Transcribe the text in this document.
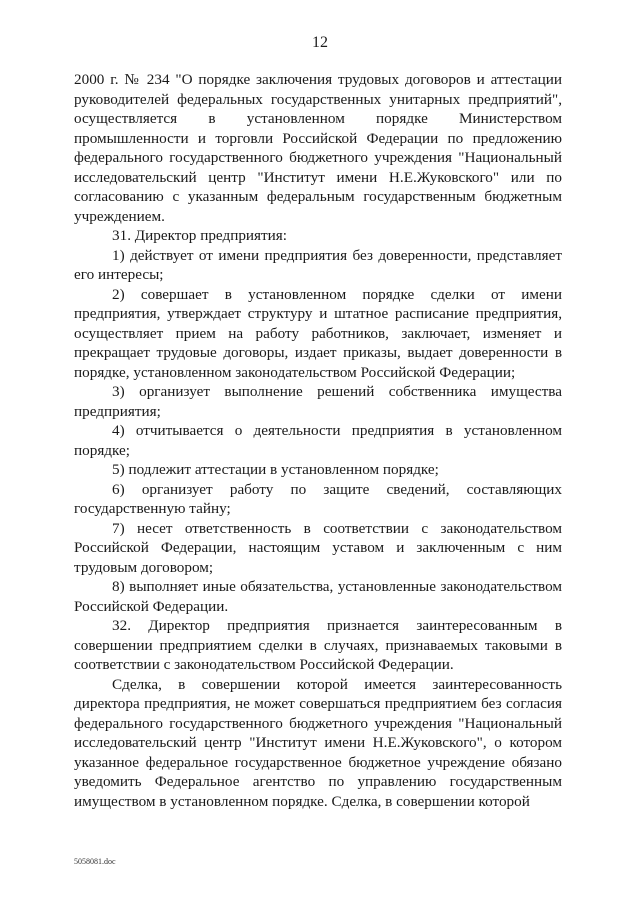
12

2000 г. № 234 "О порядке заключения трудовых договоров и аттестации руководителей федеральных государственных унитарных предприятий", осуществляется в установленном порядке Министерством промышленности и торговли Российской Федерации по предложению федерального государственного бюджетного учреждения "Национальный исследовательский центр "Институт имени Н.Е.Жуковского" или по согласованию с указанным федеральным государственным бюджетным учреждением.

31. Директор предприятия:

1) действует от имени предприятия без доверенности, представляет его интересы;

2) совершает в установленном порядке сделки от имени предприятия, утверждает структуру и штатное расписание предприятия, осуществляет прием на работу работников, заключает, изменяет и прекращает трудовые договоры, издает приказы, выдает доверенности в порядке, установленном законодательством Российской Федерации;

3) организует выполнение решений собственника имущества предприятия;

4) отчитывается о деятельности предприятия в установленном порядке;

5) подлежит аттестации в установленном порядке;

6) организует работу по защите сведений, составляющих государственную тайну;

7) несет ответственность в соответствии с законодательством Российской Федерации, настоящим уставом и заключенным с ним трудовым договором;

8) выполняет иные обязательства, установленные законодательством Российской Федерации.

32. Директор предприятия признается заинтересованным в совершении предприятием сделки в случаях, признаваемых таковыми в соответствии с законодательством Российской Федерации.

Сделка, в совершении которой имеется заинтересованность директора предприятия, не может совершаться предприятием без согласия федерального государственного бюджетного учреждения "Национальный исследовательский центр "Институт имени Н.Е.Жуковского", о котором указанное федеральное государственное бюджетное учреждение обязано уведомить Федеральное агентство по управлению государственным имуществом в установленном порядке. Сделка, в совершении которой

5058081.doc
